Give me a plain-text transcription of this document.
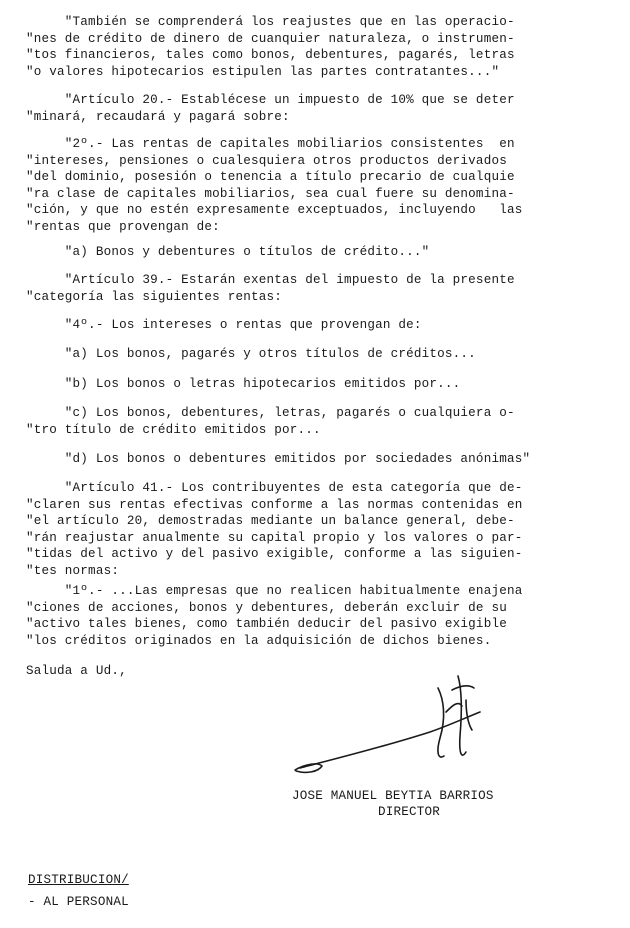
"También se comprenderá los reajustes que en las operacio-
"nes de crédito de dinero de cuanquier naturaleza, o instrumen-
"tos financieros, tales como bonos, debentures, pagarés, letras
"o valores hipotecarios estipulen las partes contratantes..."
"Artículo 20.- Establécese un impuesto de 10% que se deter
"minará, recaudará y pagará sobre:
"2º.- Las rentas de capitales mobiliarios consistentes  en
"intereses, pensiones o cualesquiera otros productos derivados
"del dominio, posesión o tenencia a título precario de cualquie
"ra clase de capitales mobiliarios, sea cual fuere su denomina-
"ción, y que no estén expresamente exceptuados, incluyendo   las
"rentas que provengan de:
"a) Bonos y debentures o títulos de crédito..."
"Artículo 39.- Estarán exentas del impuesto de la presente
"categoría las siguientes rentas:
"4º.- Los intereses o rentas que provengan de:
"a) Los bonos, pagarés y otros títulos de créditos...
"b) Los bonos o letras hipotecarios emitidos por...
"c) Los bonos, debentures, letras, pagarés o cualquiera o-
"tro título de crédito emitidos por...
"d) Los bonos o debentures emitidos por sociedades anónimas"
"Artículo 41.- Los contribuyentes de esta categoría que de-
"claren sus rentas efectivas conforme a las normas contenidas en
"el artículo 20, demostradas mediante un balance general, debe-
"rán reajustar anualmente su capital propio y los valores o par-
"tidas del activo y del pasivo exigible, conforme a las siguien-
"tes normas:
"1º.- ...Las empresas que no realicen habitualmente enajena
"ciones de acciones, bonos y debentures, deberán excluir de su
"activo tales bienes, como también deducir del pasivo exigible
"los créditos originados en la adquisición de dichos bienes.
Saluda a Ud.,
JOSE MANUEL BEYTIA BARRIOS
DIRECTOR
DISTRIBUCION/
- AL PERSONAL
